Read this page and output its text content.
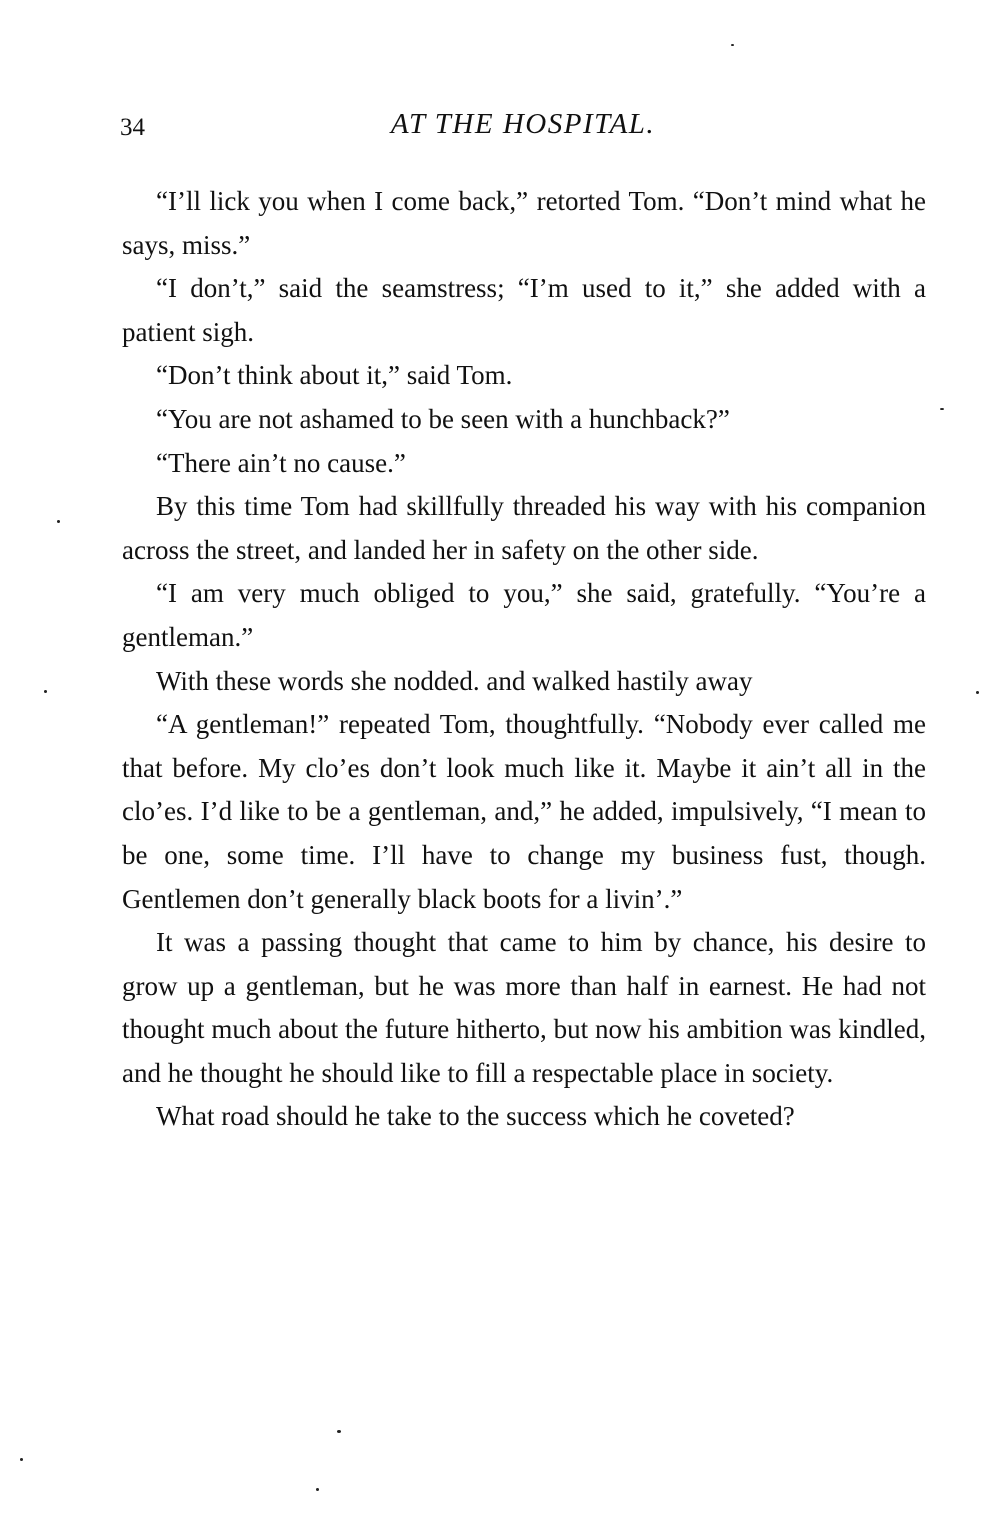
34	AT THE HOSPITAL.

“I’ll lick you when I come back,” retorted Tom. “Don’t mind what he says, miss.”

“I don’t,” said the seamstress; “I’m used to it,” she added with a patient sigh.

“Don’t think about it,” said Tom.

“You are not ashamed to be seen with a hunchback?”

“There ain’t no cause.”

By this time Tom had skillfully threaded his way with his companion across the street, and landed her in safety on the other side.

“I am very much obliged to you,” she said, gratefully. “You’re a gentleman.”

With these words she nodded. and walked hastily away

“A gentleman!” repeated Tom, thoughtfully. “Nobody ever called me that before. My clo’es don’t look much like it. Maybe it ain’t all in the clo’es. I’d like to be a gentleman, and,” he added, impulsively, “I mean to be one, some time. I’ll have to change my business fust, though. Gentlemen don’t generally black boots for a livin’.”

It was a passing thought that came to him by chance, his desire to grow up a gentleman, but he was more than half in earnest. He had not thought much about the future hitherto, but now his ambition was kindled, and he thought he should like to fill a respectable place in society.

What road should he take to the success which he coveted?
